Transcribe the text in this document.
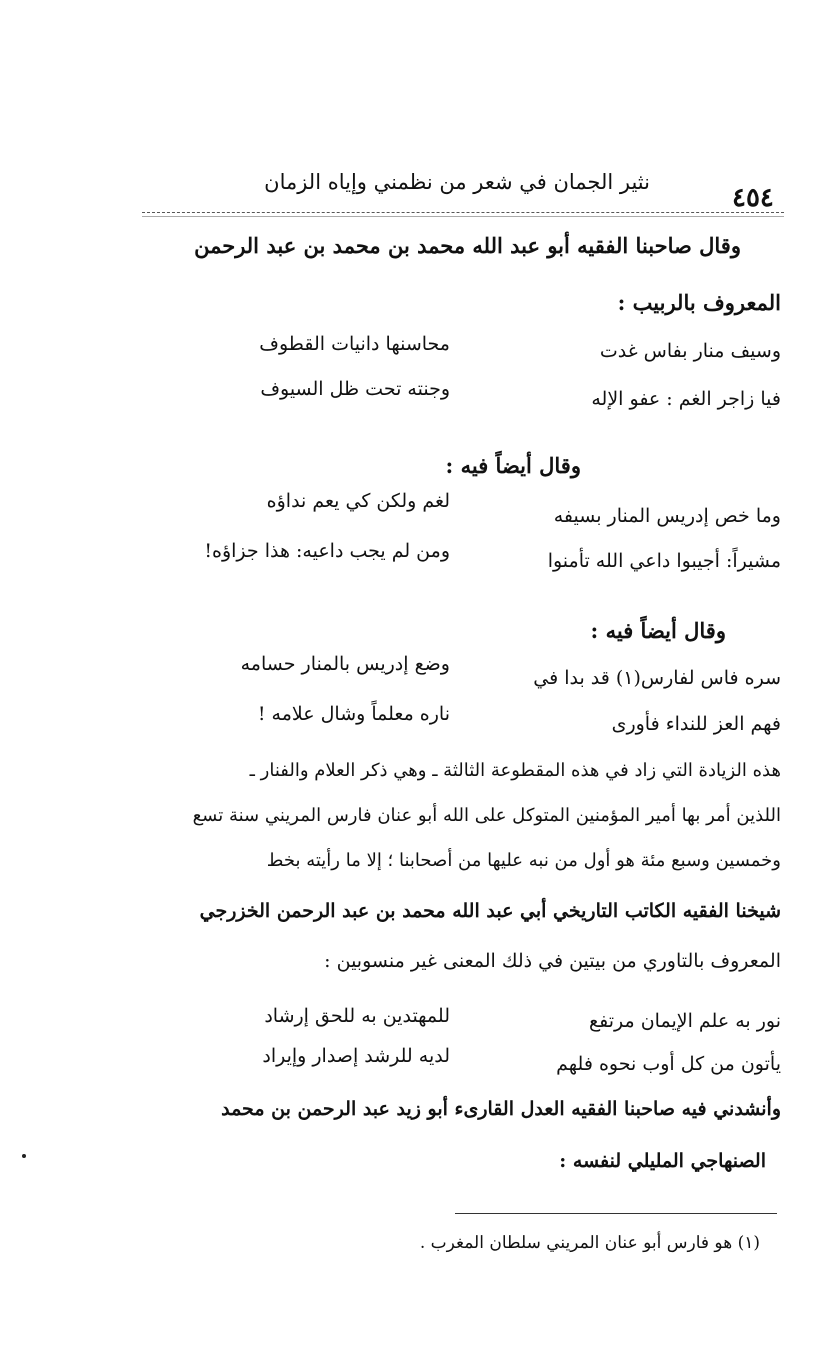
٤٥٤
نثير الجمان في شعر من نظمني وإياه الزمان
وقال صاحبنا الفقيه أبو عبد الله محمد بن محمد بن عبد الرحمن
المعروف بالربيب :
وسيف منار بفاس غدت
محاسنها دانيات القطوف
فيا زاجر الغم : عفو الإله
وجنته تحت ظل السيوف
وقال أيضاً فيه :
وما خص إدريس المنار بسيفه
لغم ولكن كي يعم نداؤه
مشيراً: أجيبوا داعي الله تأمنوا
ومن لم يجب داعيه: هذا جزاؤه!
وقال أيضاً فيه :
سره فاس لفارس(١) قد بدا في
وضع إدريس بالمنار حسامه
فهم العز للنداء فأورى
ناره معلماً وشال علامه !
هذه الزيادة التي زاد في هذه المقطوعة الثالثة ـ وهي ذكر العلام والفنار ـ
اللذين أمر بها أمير المؤمنين المتوكل على الله أبو عنان فارس المريني سنة تسع
وخمسين وسبع مئة هو أول من نبه عليها من أصحابنا ؛ إلا ما رأيته بخط
شيخنا الفقيه الكاتب التاريخي أبي عبد الله محمد بن عبد الرحمن الخزرجي
المعروف بالتاوري من بيتين في ذلك المعنى غير منسوبين :
نور به علم الإيمان مرتفع
للمهتدين به للحق إرشاد
يأتون من كل أوب نحوه فلهم
لديه للرشد إصدار وإيراد
وأنشدني فيه صاحبنا الفقيه العدل القارىء أبو زيد عبد الرحمن بن محمد
الصنهاجي المليلي لنفسه :
(١) هو فارس أبو عنان المريني سلطان المغرب .
